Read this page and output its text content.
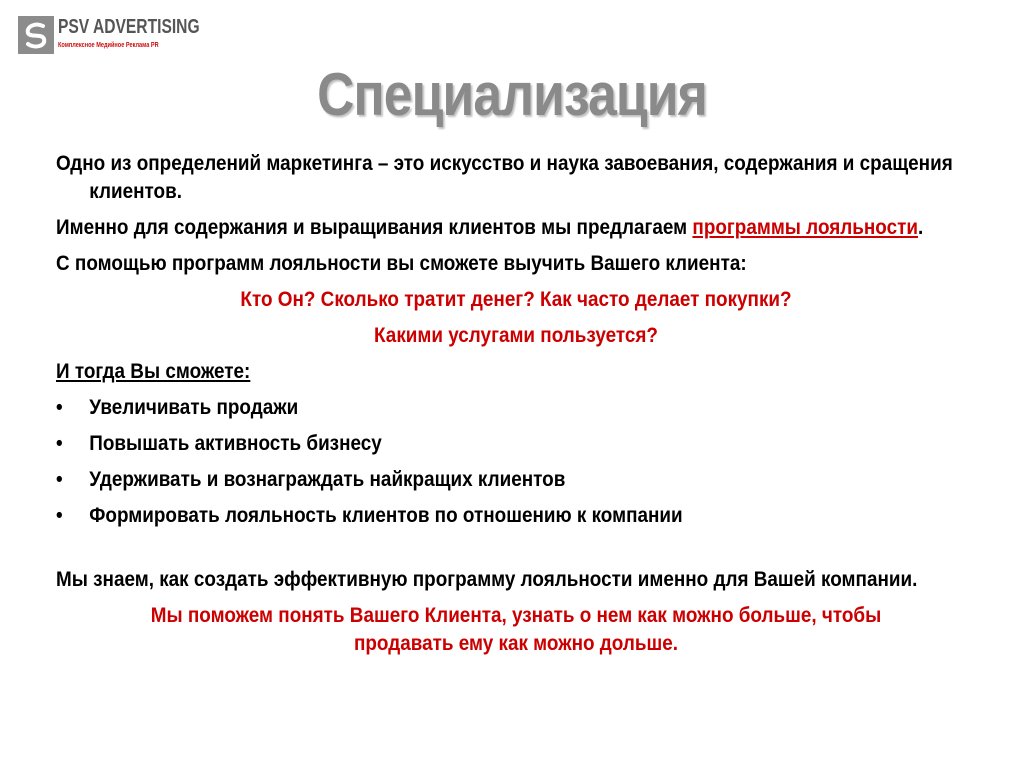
PSV ADVERTISING
Комплексное Медийное Реклама PR
Специализация

Одно из определений маркетинга – это искусство и наука завоевания, содержания и сращения клиентов.

Именно для содержания и выращивания клиентов мы предлагаем программы лояльности.

С помощью программ лояльности вы сможете выучить Вашего клиента:

Кто Он? Сколько тратит денег? Как часто делает покупки?

Какими услугами пользуется?

И тогда Вы сможете:

• Увеличивать продажи
• Повышать активность бизнесу
• Удерживать и вознаграждать найкращих клиентов
• Формировать лояльность клиентов по отношению к компании

Мы знаем, как создать эффективную программу лояльности именно для Вашей компании.

Мы поможем понять Вашего Клиента, узнать о нем как можно больше, чтобы продавать ему как можно дольше.
